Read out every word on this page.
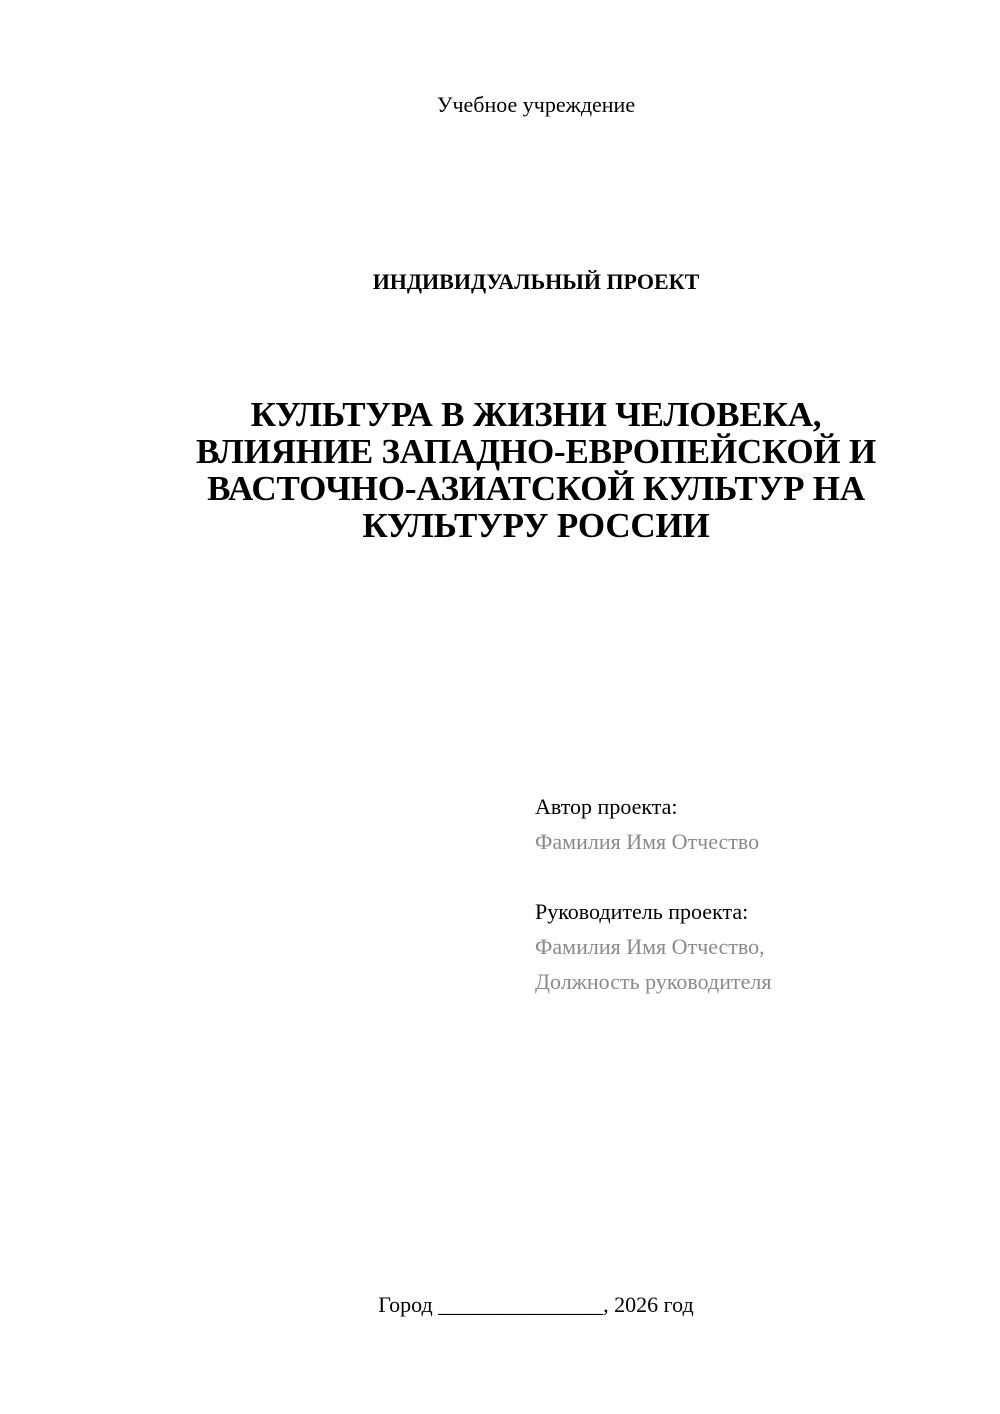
Учебное учреждение
ИНДИВИДУАЛЬНЫЙ ПРОЕКТ
КУЛЬТУРА В ЖИЗНИ ЧЕЛОВЕКА,
ВЛИЯНИЕ ЗАПАДНО-ЕВРОПЕЙСКОЙ И
ВАСТОЧНО-АЗИАТСКОЙ КУЛЬТУР НА
КУЛЬТУРУ РОССИИ
Автор проекта:
Фамилия Имя Отчество
Руководитель проекта:
Фамилия Имя Отчество,
Должность руководителя
Город _______________, 2026 год
